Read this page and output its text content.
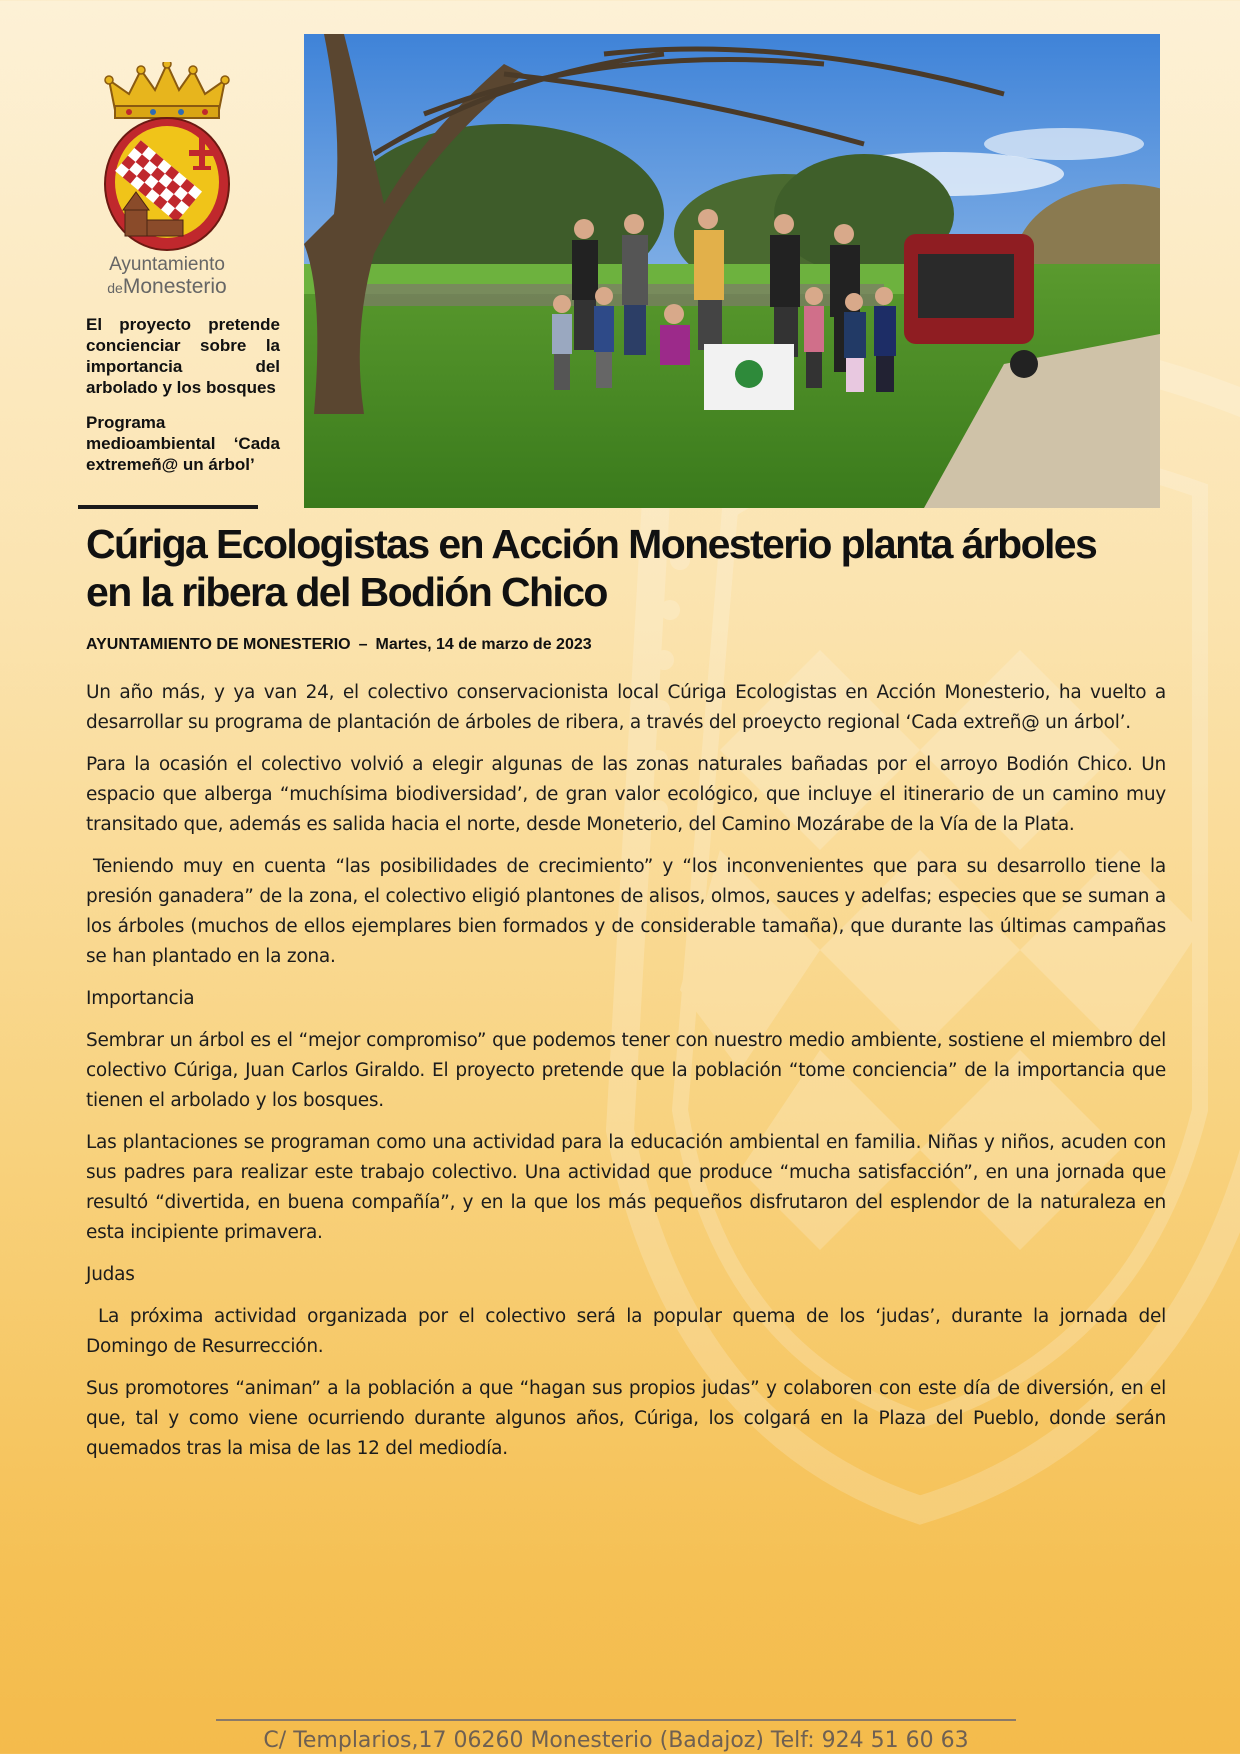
Ayuntamiento
deMonesterio

El proyecto pretende concienciar sobre la importancia del arbolado y los bosques

Programa medioambiental ‘Cada extremeñ@ un árbol’

Cúriga Ecologistas en Acción Monesterio planta árboles
en la ribera del Bodión Chico
AYUNTAMIENTO DE MONESTERIO – Martes, 14 de marzo de 2023

Un año más, y ya van 24, el colectivo conservacionista local Cúriga Ecologistas en Acción Monesterio, ha vuelto a desarrollar su programa de plantación de árboles de ribera, a través del proeycto regional ‘Cada extreñ@ un árbol’.

Para la ocasión el colectivo volvió a elegir algunas de las zonas naturales bañadas por el arroyo Bodión Chico. Un espacio que alberga “muchísima biodiversidad’, de gran valor ecológico, que incluye el itinerario de un camino muy transitado que, además es salida hacia el norte, desde Moneterio, del Camino Mozárabe de la Vía de la Plata.

Teniendo muy en cuenta “las posibilidades de crecimiento” y “los inconvenientes que para su desarrollo tiene la presión ganadera” de la zona, el colectivo eligió plantones de alisos, olmos, sauces y adelfas; especies que se suman a los árboles (muchos de ellos ejemplares bien formados y de considerable tamaña), que durante las últimas campañas se han plantado en la zona.

Importancia

Sembrar un árbol es el “mejor compromiso” que podemos tener con nuestro medio ambiente, sostiene el miembro del colectivo Cúriga, Juan Carlos Giraldo. El proyecto pretende que la población “tome conciencia” de la importancia que tienen el arbolado y los bosques.

Las plantaciones se programan como una actividad para la educación ambiental en familia. Niñas y niños, acuden con sus padres para realizar este trabajo colectivo. Una actividad que produce “mucha satisfacción”, en una jornada que resultó “divertida, en buena compañía”, y en la que los más pequeños disfrutaron del esplendor de la naturaleza en esta incipiente primavera.

Judas

La próxima actividad organizada por el colectivo será la popular quema de los ‘judas’, durante la jornada del Domingo de Resurrección.

Sus promotores “animan” a la población a que “hagan sus propios judas” y colaboren con este día de diversión, en el que, tal y como viene ocurriendo durante algunos años, Cúriga, los colgará en la Plaza del Pueblo, donde serán quemados tras la misa de las 12 del mediodía.

C/ Templarios,17 06260 Monesterio (Badajoz) Telf: 924 51 60 63
